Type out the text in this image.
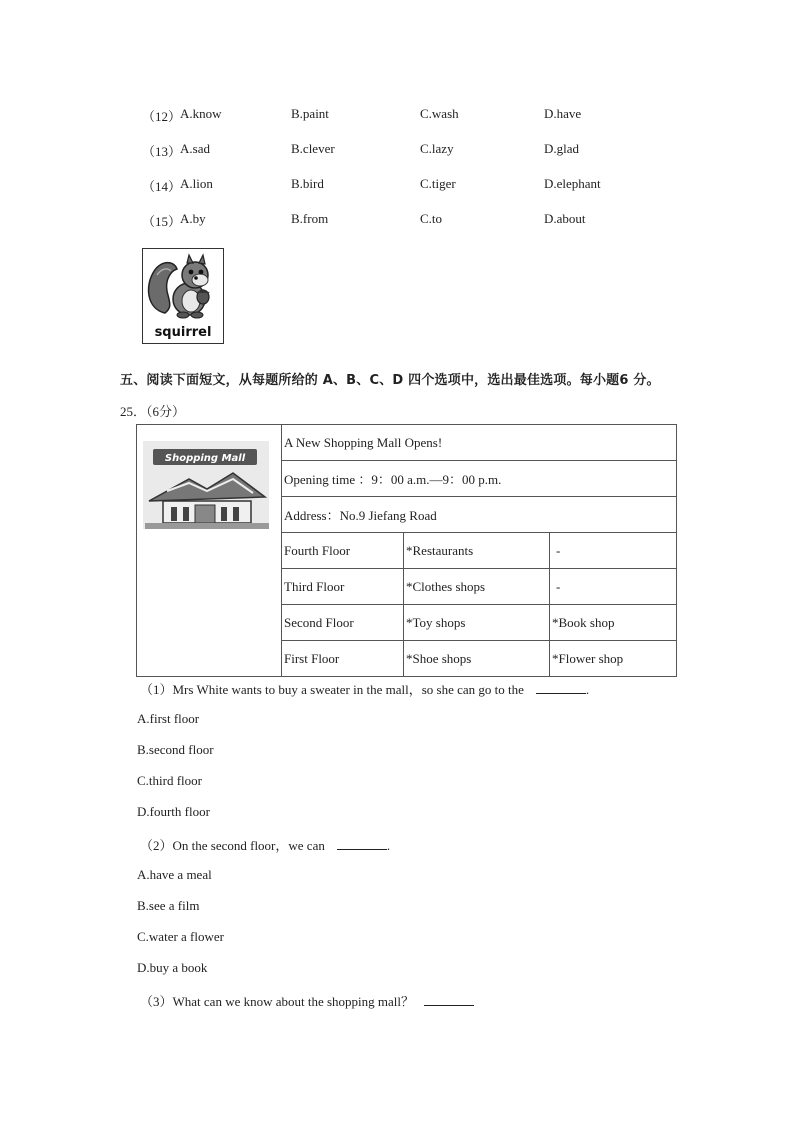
（12）
A.know	B.paint	C.wash	D.have
（13）
A.sad	B.clever	C.lazy	D.glad
（14）
A.lion	B.bird	C.tiger	D.elephant
（15）
A.by	B.from	C.to	D.about
squirrel
五、阅读下面短文，从每题所给的 A、B、C、D 四个选项中，选出最佳选项。每小题6 分。
25．（6分）
Shopping Mall	A New Shopping Mall Opens!		
	Opening time ：9：00 a.m.—9：00 p.m.		
	Address：No.9 Jiefang Road		
	Fourth Floor	*Restaurants	-
	Third Floor	*Clothes shops	-
	Second Floor	*Toy shops	*Book shop
	First Floor	*Shoe shops	*Flower shop
（1）Mrs White wants to buy a sweater in the mall，so she can go to the	.
A.first floor
B.second floor
C.third floor
D.fourth floor
（2）On the second floor，we can	.
A.have a meal
B.see a film
C.water a flower
D.buy a book
（3）What can we know about the shopping mall？
